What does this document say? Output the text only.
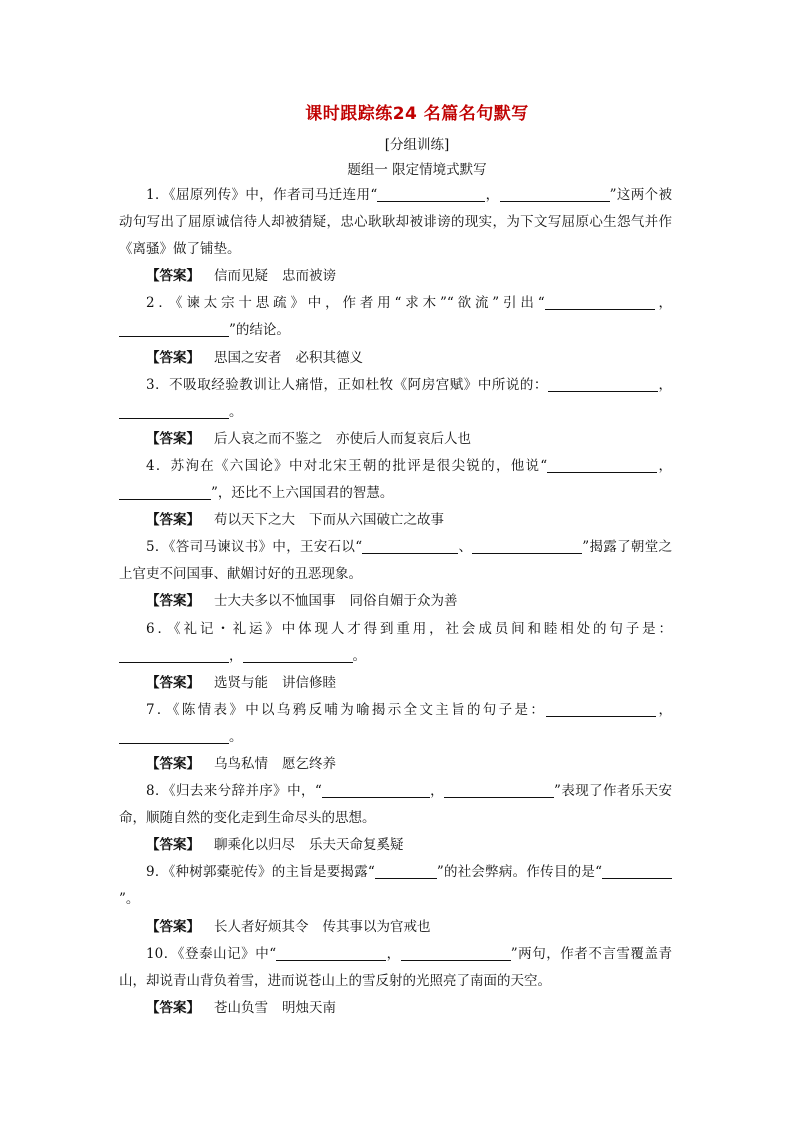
课时跟踪练24 名篇名句默写
[分组训练]
题组一 限定情境式默写

1．《屈原列传》中，作者司马迁连用“	，	”这两个被动句写出了屈原诚信待人却被猜疑，忠心耿耿却被诽谤的现实，为下文写屈原心生怨气并作《离骚》做了铺垫。

【答案】 信而见疑 忠而被谤

2．《谏太宗十思疏》中，作者用“求木”“欲流”引出“	，”的结论。

【答案】 思国之安者 必积其德义

3．不吸取经验教训让人痛惜，正如杜牧《阿房宫赋》中所说的：	，。

【答案】 后人哀之而不鉴之 亦使后人而复哀后人也

4．苏洵在《六国论》中对北宋王朝的批评是很尖锐的，他说“	，”，还比不上六国国君的智慧。

【答案】 苟以天下之大 下而从六国破亡之故事

5．《答司马谏议书》中，王安石以“	、	”揭露了朝堂之上官吏不问国事、献媚讨好的丑恶现象。

【答案】 士大夫多以不恤国事 同俗自媚于众为善

6．《礼记・礼运》中体现人才得到重用，社会成员间和睦相处的句子是：，	。

【答案】 选贤与能 讲信修睦

7．《陈情表》中以乌鸦反哺为喻揭示全文主旨的句子是：	，。

【答案】 乌鸟私情 愿乞终养

8．《归去来兮辞并序》中，“	，	”表现了作者乐天安命，顺随自然的变化走到生命尽头的思想。

【答案】 聊乘化以归尽 乐夫天命复奚疑

9．《种树郭橐驼传》的主旨是要揭露“	”的社会弊病。作传目的是“”。

【答案】 长人者好烦其令 传其事以为官戒也

10．《登泰山记》中“	，	”两句，作者不言雪覆盖青山，却说青山背负着雪，进而说苍山上的雪反射的光照亮了南面的天空。

【答案】 苍山负雪 明烛天南
